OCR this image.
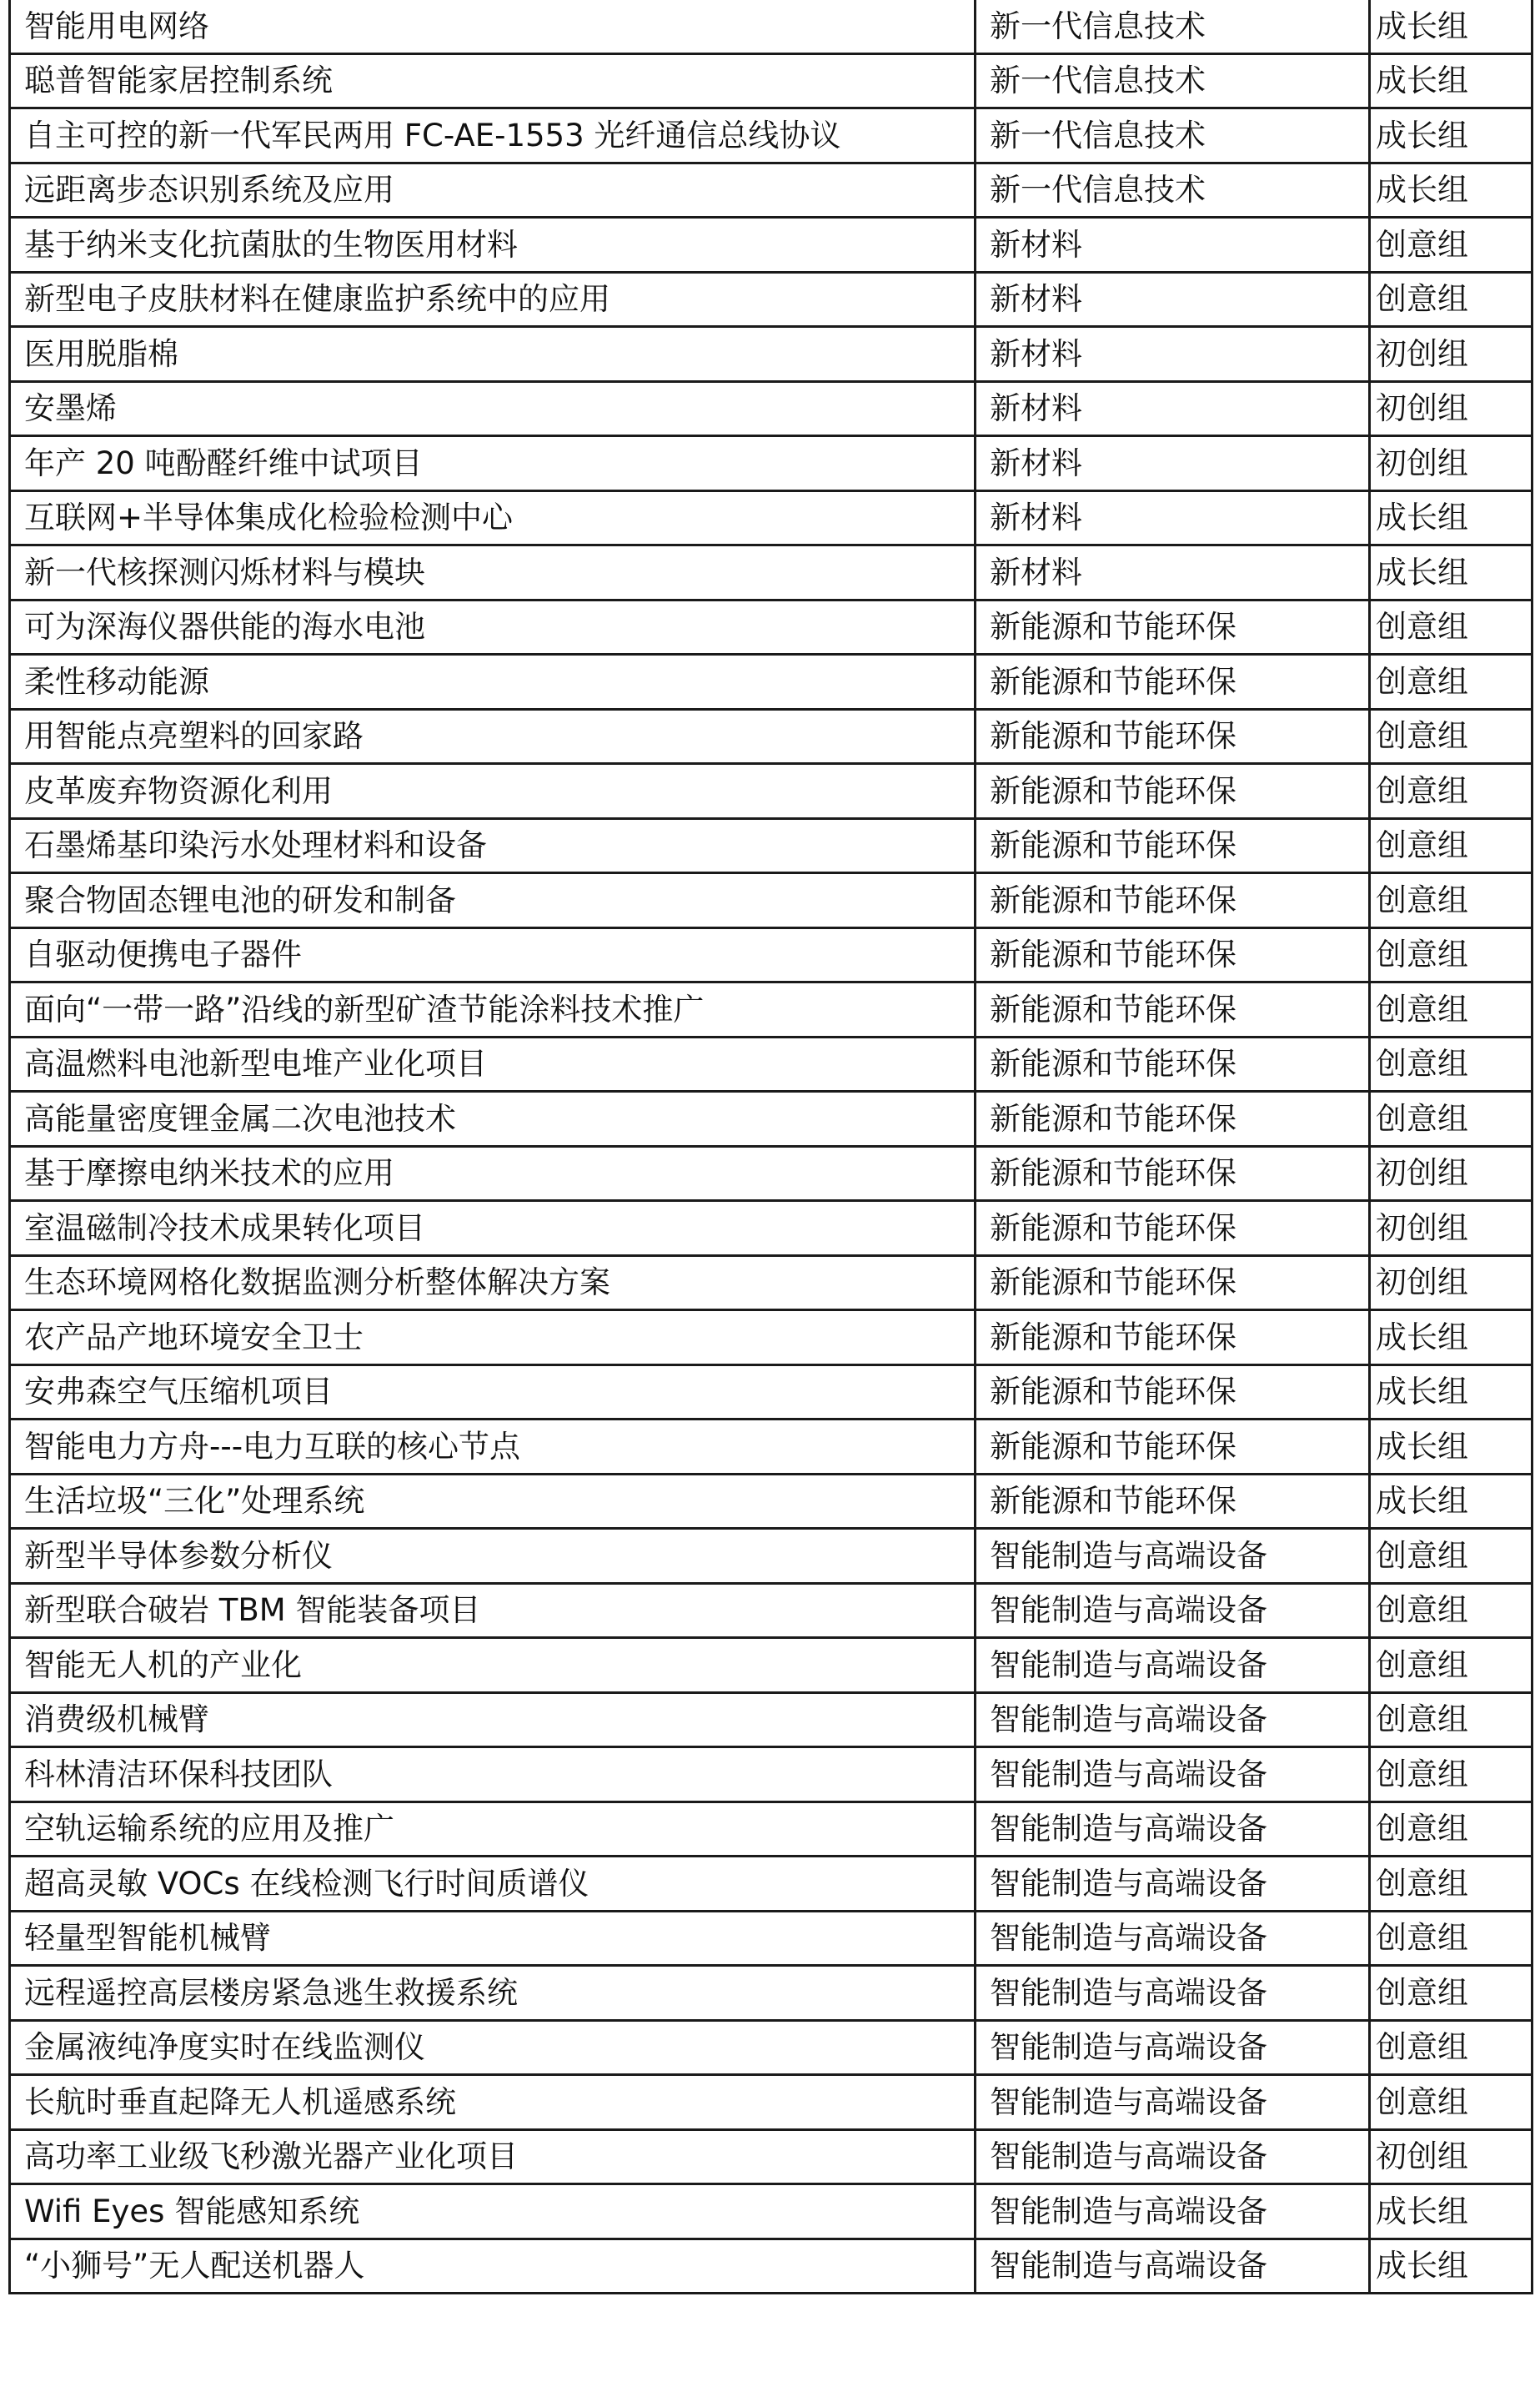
智能用电网络	新一代信息技术	成长组
聪普智能家居控制系统	新一代信息技术	成长组
自主可控的新一代军民两用 FC-AE-1553 光纤通信总线协议	新一代信息技术	成长组
远距离步态识别系统及应用	新一代信息技术	成长组
基于纳米支化抗菌肽的生物医用材料	新材料	创意组
新型电子皮肤材料在健康监护系统中的应用	新材料	创意组
医用脱脂棉	新材料	初创组
安墨烯	新材料	初创组
年产 20 吨酚醛纤维中试项目	新材料	初创组
互联网+半导体集成化检验检测中心	新材料	成长组
新一代核探测闪烁材料与模块	新材料	成长组
可为深海仪器供能的海水电池	新能源和节能环保	创意组
柔性移动能源	新能源和节能环保	创意组
用智能点亮塑料的回家路	新能源和节能环保	创意组
皮革废弃物资源化利用	新能源和节能环保	创意组
石墨烯基印染污水处理材料和设备	新能源和节能环保	创意组
聚合物固态锂电池的研发和制备	新能源和节能环保	创意组
自驱动便携电子器件	新能源和节能环保	创意组
面向“一带一路”沿线的新型矿渣节能涂料技术推广	新能源和节能环保	创意组
高温燃料电池新型电堆产业化项目	新能源和节能环保	创意组
高能量密度锂金属二次电池技术	新能源和节能环保	创意组
基于摩擦电纳米技术的应用	新能源和节能环保	初创组
室温磁制冷技术成果转化项目	新能源和节能环保	初创组
生态环境网格化数据监测分析整体解决方案	新能源和节能环保	初创组
农产品产地环境安全卫士	新能源和节能环保	成长组
安弗森空气压缩机项目	新能源和节能环保	成长组
智能电力方舟---电力互联的核心节点	新能源和节能环保	成长组
生活垃圾“三化”处理系统	新能源和节能环保	成长组
新型半导体参数分析仪	智能制造与高端设备	创意组
新型联合破岩 TBM 智能装备项目	智能制造与高端设备	创意组
智能无人机的产业化	智能制造与高端设备	创意组
消费级机械臂	智能制造与高端设备	创意组
科林清洁环保科技团队	智能制造与高端设备	创意组
空轨运输系统的应用及推广	智能制造与高端设备	创意组
超高灵敏 VOCs 在线检测飞行时间质谱仪	智能制造与高端设备	创意组
轻量型智能机械臂	智能制造与高端设备	创意组
远程遥控高层楼房紧急逃生救援系统	智能制造与高端设备	创意组
金属液纯净度实时在线监测仪	智能制造与高端设备	创意组
长航时垂直起降无人机遥感系统	智能制造与高端设备	创意组
高功率工业级飞秒激光器产业化项目	智能制造与高端设备	初创组
Wifi Eyes 智能感知系统	智能制造与高端设备	成长组
“小狮号”无人配送机器人	智能制造与高端设备	成长组
